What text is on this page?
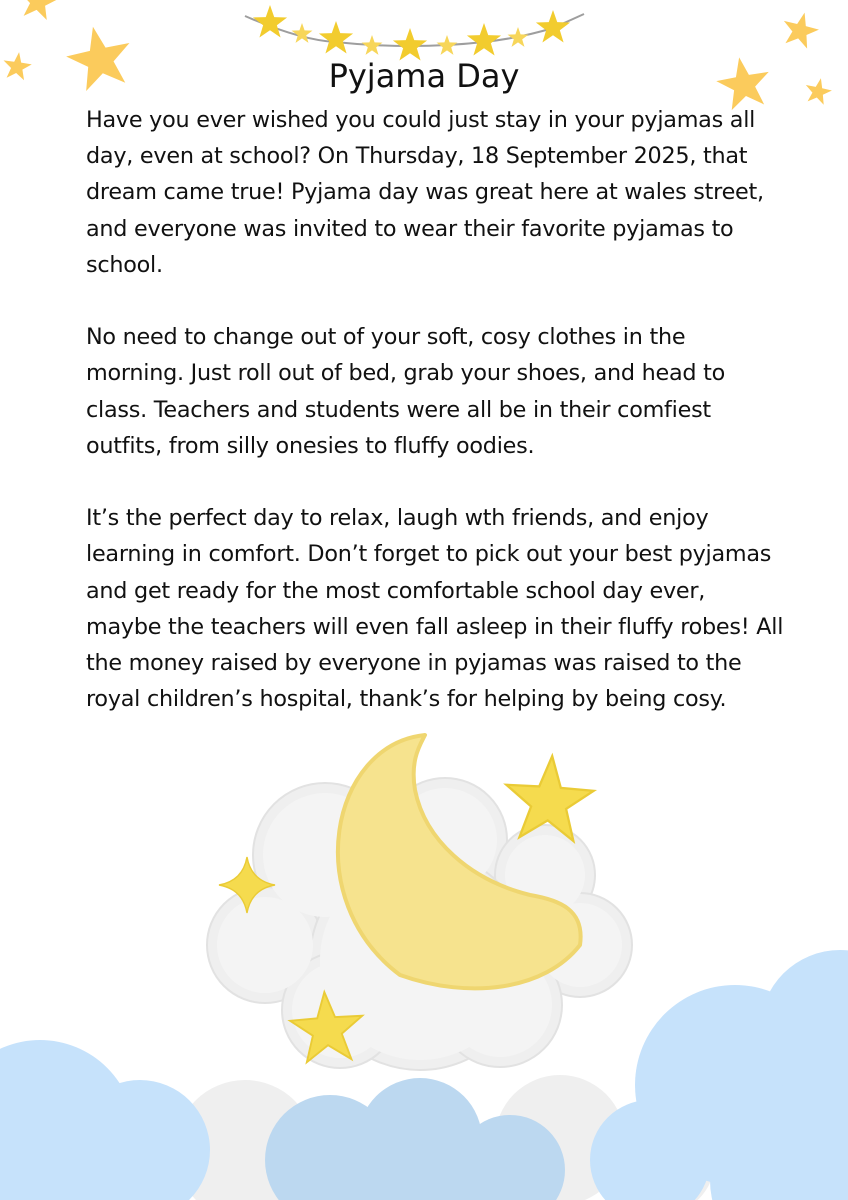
Pyjama Day

Have you ever wished you could just stay in your pyjamas all day, even at school? On Thursday, 18 September 2025, that dream came true! Pyjama day was great here at wales street, and everyone was invited to wear their favorite pyjamas to school.

No need to change out of your soft, cosy clothes in the morning. Just roll out of bed, grab your shoes, and head to class. Teachers and students were all be in their comfiest outfits, from silly onesies to fluffy oodies.

It’s the perfect day to relax, laugh wth friends, and enjoy learning in comfort. Don’t forget to pick out your best pyjamas and get ready for the most comfortable school day ever, maybe the teachers will even fall asleep in their fluffy robes! All the money raised by everyone in pyjamas was raised to the royal children’s hospital, thank’s for helping by being cosy.
